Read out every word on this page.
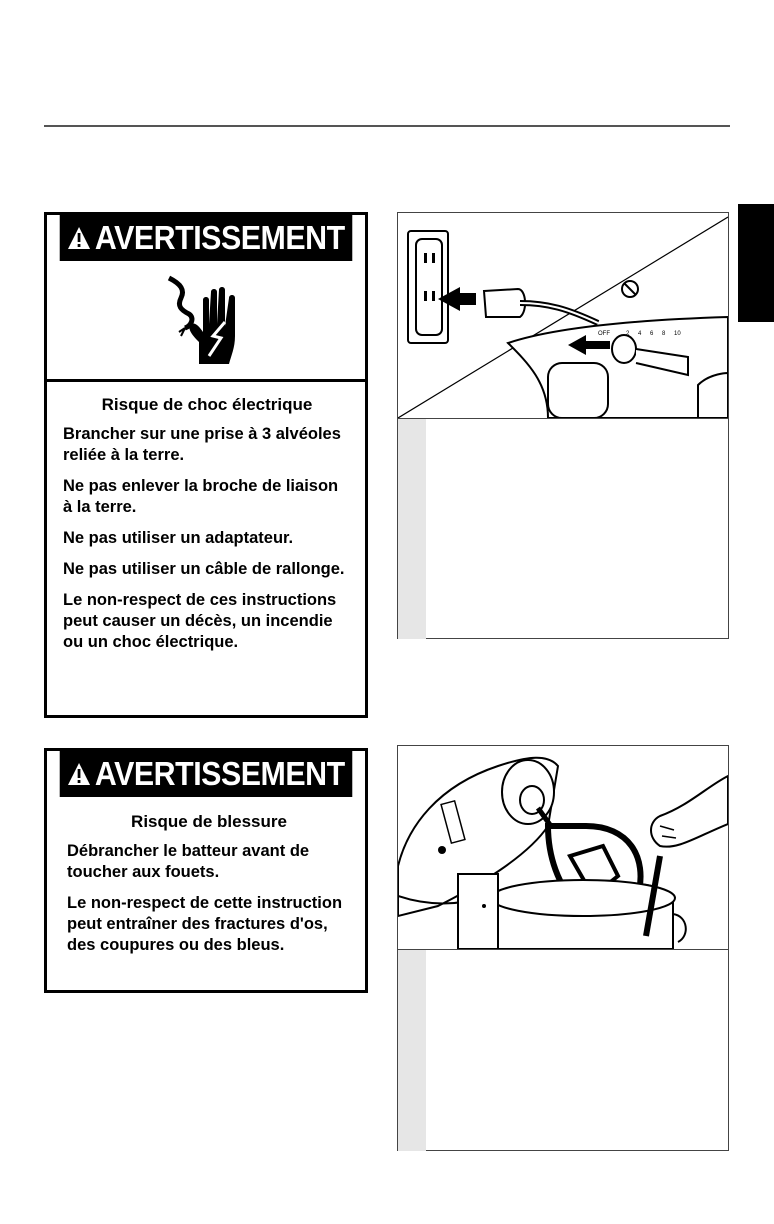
AVERTISSEMENT
Risque de choc électrique
Brancher sur une prise à 3 alvéoles reliée à la terre.
Ne pas enlever la broche de liaison à la terre.
Ne pas utiliser un adaptateur.
Ne pas utiliser un câble de rallonge.
Le non-respect de ces instructions peut causer un décès, un incendie ou un choc électrique.
OFF	2 4 6 8 10
AVERTISSEMENT
Risque de blessure
Débrancher le batteur avant de toucher aux fouets.
Le non-respect de cette instruction peut entraîner des fractures d'os, des coupures ou des bleus.
